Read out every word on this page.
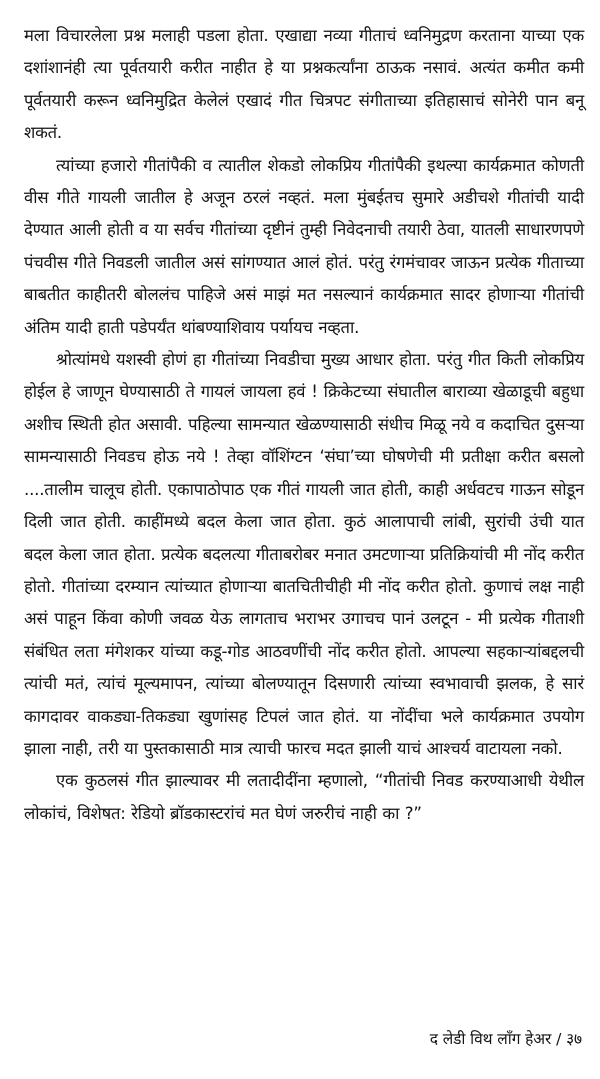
मला विचारलेला प्रश्न मलाही पडला होता. एखाद्या नव्या गीताचं ध्वनिमुद्रण करताना याच्या एक दशांशानंही त्या पूर्वतयारी करीत नाहीत हे या प्रश्नकर्त्यांना ठाऊक नसावं. अत्यंत कमीत कमी पूर्वतयारी करून ध्वनिमुद्रित केलेलं एखादं गीत चित्रपट संगीताच्या इतिहासाचं सोनेरी पान बनू शकतं.

त्यांच्या हजारो गीतांपैकी व त्यातील शेकडो लोकप्रिय गीतांपैकी इथल्या कार्यक्रमात कोणती वीस गीते गायली जातील हे अजून ठरलं नव्हतं. मला मुंबईतच सुमारे अडीचशे गीतांची यादी देण्यात आली होती व या सर्वच गीतांच्या दृष्टीनं तुम्ही निवेदनाची तयारी ठेवा, यातली साधारणपणे पंचवीस गीते निवडली जातील असं सांगण्यात आलं होतं. परंतु रंगमंचावर जाऊन प्रत्येक गीताच्या बाबतीत काहीतरी बोललंच पाहिजे असं माझं मत नसल्यानं कार्यक्रमात सादर होणाऱ्या गीतांची अंतिम यादी हाती पडेपर्यंत थांबण्याशिवाय पर्यायच नव्हता.

श्रोत्यांमधे यशस्वी होणं हा गीतांच्या निवडीचा मुख्य आधार होता. परंतु गीत किती लोकप्रिय होईल हे जाणून घेण्यासाठी ते गायलं जायला हवं ! क्रिकेटच्या संघातील बाराव्या खेळाडूची बहुधा अशीच स्थिती होत असावी. पहिल्या सामन्यात खेळण्यासाठी संधीच मिळू नये व कदाचित दुसऱ्या सामन्यासाठी निवडच होऊ नये ! तेव्हा वॉशिंग्टन ‘संघा’च्या घोषणेची मी प्रतीक्षा करीत बसलो ....तालीम चालूच होती. एकापाठोपाठ एक गीतं गायली जात होती, काही अर्धवटच गाऊन सोडून दिली जात होती. काहींमध्ये बदल केला जात होता. कुठं आलापाची लांबी, सुरांची उंची यात बदल केला जात होता. प्रत्येक बदलत्या गीताबरोबर मनात उमटणाऱ्या प्रतिक्रियांची मी नोंद करीत होतो. गीतांच्या दरम्यान त्यांच्यात होणाऱ्या बातचितीचीही मी नोंद करीत होतो. कुणाचं लक्ष नाही असं पाहून किंवा कोणी जवळ येऊ लागताच भराभर उगाचच पानं उलटून - मी प्रत्येक गीताशी संबंधित लता मंगेशकर यांच्या कडू-गोड आठवणींची नोंद करीत होतो. आपल्या सहकाऱ्यांबद्दलची त्यांची मतं, त्यांचं मूल्यमापन, त्यांच्या बोलण्यातून दिसणारी त्यांच्या स्वभावाची झलक, हे सारं कागदावर वाकड्या-तिकड्या खुणांसह टिपलं जात होतं. या नोंदींचा भले कार्यक्रमात उपयोग झाला नाही, तरी या पुस्तकासाठी मात्र त्याची फारच मदत झाली याचं आश्चर्य वाटायला नको.

एक कुठलसं गीत झाल्यावर मी लतादीदींना म्हणालो, “गीतांची निवड करण्याआधी येथील लोकांचं, विशेषत: रेडियो ब्रॉडकास्टरांचं मत घेणं जरुरीचं नाही का ?”

द लेडी विथ लाँग हेअर / ३७
